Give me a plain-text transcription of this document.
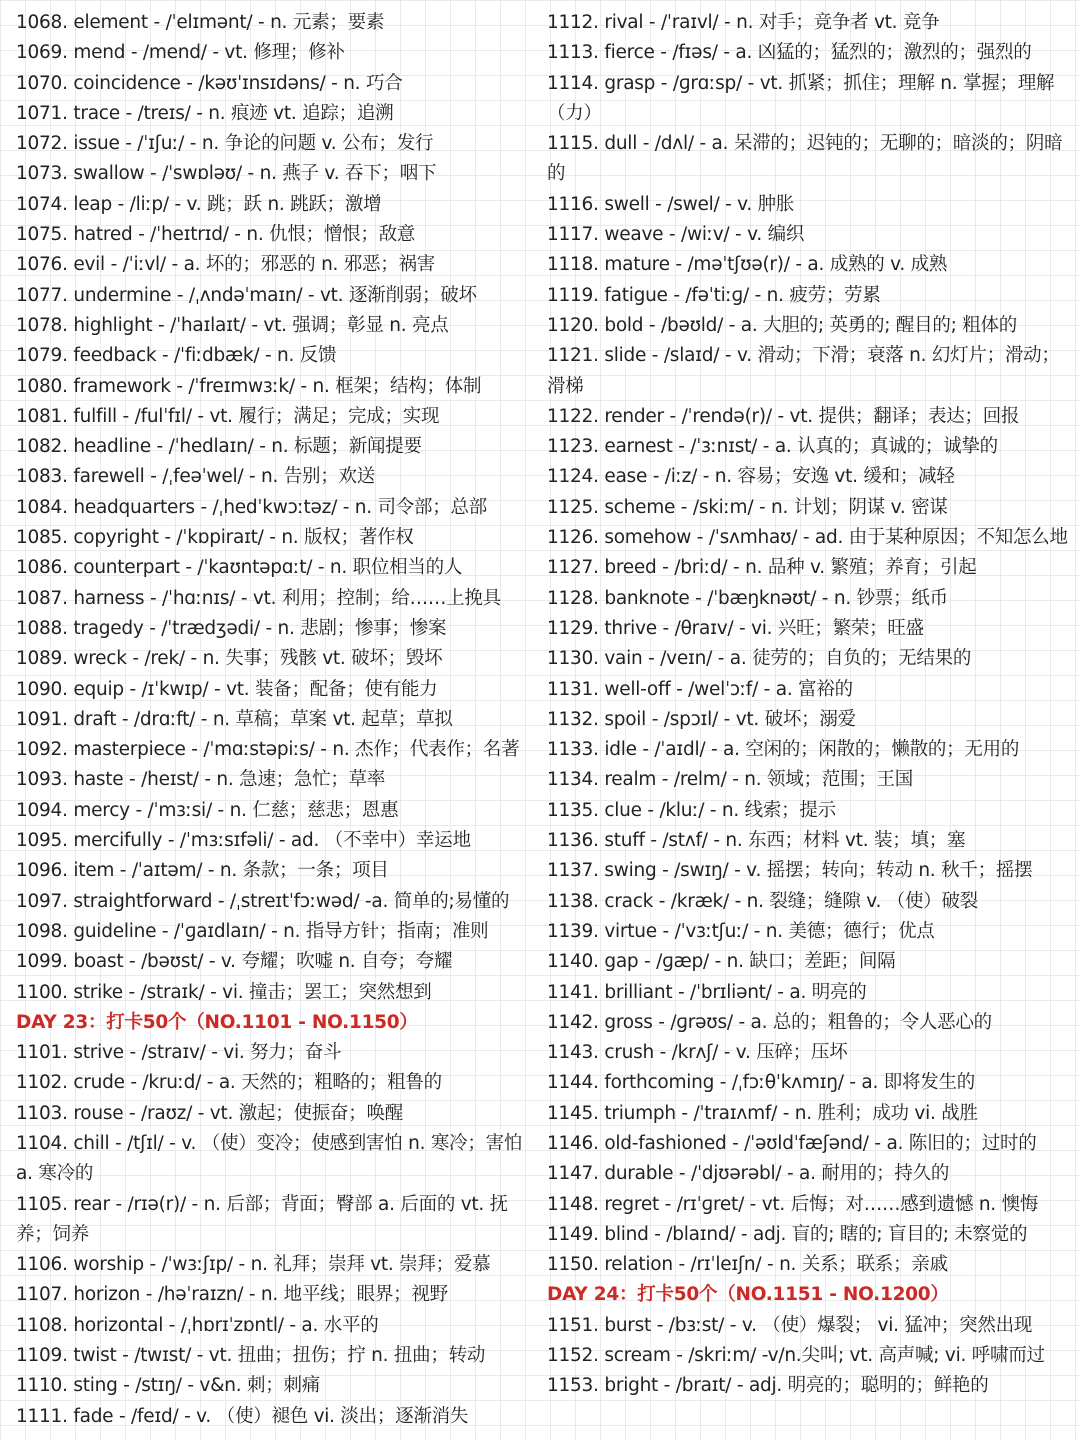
1068. element - /ˈelɪmənt/ - n. 元素；要素
1069. mend - /mend/ - vt. 修理；修补
1070. coincidence - /kəʊˈɪnsɪdəns/ - n. 巧合
1071. trace - /treɪs/ - n. 痕迹 vt. 追踪；追溯
1072. issue - /ˈɪʃuː/ - n. 争论的问题 v. 公布；发行
1073. swallow - /ˈswɒləʊ/ - n. 燕子 v. 吞下；咽下
1074. leap - /liːp/ - v. 跳；跃 n. 跳跃；激增
1075. hatred - /ˈheɪtrɪd/ - n. 仇恨；憎恨；敌意
1076. evil - /ˈiːvl/ - a. 坏的；邪恶的 n. 邪恶；祸害
1077. undermine - /ˌʌndəˈmaɪn/ - vt. 逐渐削弱；破坏
1078. highlight - /ˈhaɪlaɪt/ - vt. 强调；彰显 n. 亮点
1079. feedback - /ˈfiːdbæk/ - n. 反馈
1080. framework - /ˈfreɪmwɜːk/ - n. 框架；结构；体制
1081. fulfill - /fulˈfɪl/ - vt. 履行；满足；完成；实现
1082. headline - /ˈhedlaɪn/ - n. 标题；新闻提要
1083. farewell - /ˌfeəˈwel/ - n. 告别；欢送
1084. headquarters - /ˌhedˈkwɔːtəz/ - n. 司令部；总部
1085. copyright - /ˈkɒpiraɪt/ - n. 版权；著作权
1086. counterpart - /ˈkaʊntəpɑːt/ - n. 职位相当的人
1087. harness - /ˈhɑːnɪs/ - vt. 利用；控制；给……上挽具
1088. tragedy - /ˈtrædʒədi/ - n. 悲剧；惨事；惨案
1089. wreck - /rek/ - n. 失事；残骸 vt. 破坏；毁坏
1090. equip - /ɪˈkwɪp/ - vt. 装备；配备；使有能力
1091. draft - /drɑːft/ - n. 草稿；草案 vt. 起草；草拟
1092. masterpiece - /ˈmɑːstəpiːs/ - n. 杰作；代表作；名著
1093. haste - /heɪst/ - n. 急速；急忙；草率
1094. mercy - /ˈmɜːsi/ - n. 仁慈；慈悲；恩惠
1095. mercifully - /ˈmɜːsɪfəli/ - ad. （不幸中）幸运地
1096. item - /ˈaɪtəm/ - n. 条款；一条；项目
1097. straightforward - /ˌstreɪtˈfɔːwəd/ -a. 简单的;易懂的
1098. guideline - /ˈɡaɪdlaɪn/ - n. 指导方针；指南；准则
1099. boast - /bəʊst/ - v. 夸耀；吹嘘 n. 自夸；夸耀
1100. strike - /straɪk/ - vi. 撞击；罢工；突然想到
DAY 23：打卡50个（NO.1101 - NO.1150）
1101. strive - /straɪv/ - vi. 努力；奋斗
1102. crude - /kruːd/ - a. 天然的；粗略的；粗鲁的
1103. rouse - /raʊz/ - vt. 激起；使振奋；唤醒
1104. chill - /tʃɪl/ - v. （使）变冷；使感到害怕 n. 寒冷；害怕 a. 寒冷的
1105. rear - /rɪə(r)/ - n. 后部；背面；臀部 a. 后面的 vt. 抚养；饲养
1106. worship - /ˈwɜːʃɪp/ - n. 礼拜；崇拜 vt. 崇拜；爱慕
1107. horizon - /həˈraɪzn/ - n. 地平线；眼界；视野
1108. horizontal - /ˌhɒrɪˈzɒntl/ - a. 水平的
1109. twist - /twɪst/ - vt. 扭曲；扭伤；拧 n. 扭曲；转动
1110. sting - /stɪŋ/ - v&n. 刺；刺痛
1111. fade - /feɪd/ - v. （使）褪色 vi. 淡出；逐渐消失
1112. rival - /ˈraɪvl/ - n. 对手；竞争者 vt. 竞争
1113. fierce - /fɪəs/ - a. 凶猛的；猛烈的；激烈的；强烈的
1114. grasp - /ɡrɑːsp/ - vt. 抓紧；抓住；理解 n. 掌握；理解（力）
1115. dull - /dʌl/ - a. 呆滞的；迟钝的；无聊的；暗淡的；阴暗的
1116. swell - /swel/ - v. 肿胀
1117. weave - /wiːv/ - v. 编织
1118. mature - /məˈtʃʊə(r)/ - a. 成熟的 v. 成熟
1119. fatigue - /fəˈtiːɡ/ - n. 疲劳；劳累
1120. bold - /bəʊld/ - a. 大胆的; 英勇的; 醒目的; 粗体的
1121. slide - /slaɪd/ - v. 滑动；下滑；衰落 n. 幻灯片；滑动；滑梯
1122. render - /ˈrendə(r)/ - vt. 提供；翻译；表达；回报
1123. earnest - /ˈɜːnɪst/ - a. 认真的；真诚的；诚挚的
1124. ease - /iːz/ - n. 容易；安逸 vt. 缓和；减轻
1125. scheme - /skiːm/ - n. 计划；阴谋 v. 密谋
1126. somehow - /ˈsʌmhaʊ/ - ad. 由于某种原因；不知怎么地
1127. breed - /briːd/ - n. 品种 v. 繁殖；养育；引起
1128. banknote - /ˈbæŋknəʊt/ - n. 钞票；纸币
1129. thrive - /θraɪv/ - vi. 兴旺；繁荣；旺盛
1130. vain - /veɪn/ - a. 徒劳的；自负的；无结果的
1131. well-off - /welˈɔːf/ - a. 富裕的
1132. spoil - /spɔɪl/ - vt. 破坏；溺爱
1133. idle - /ˈaɪdl/ - a. 空闲的；闲散的；懒散的；无用的
1134. realm - /relm/ - n. 领域；范围；王国
1135. clue - /kluː/ - n. 线索；提示
1136. stuff - /stʌf/ - n. 东西；材料 vt. 装；填；塞
1137. swing - /swɪŋ/ - v. 摇摆；转向；转动 n. 秋千；摇摆
1138. crack - /kræk/ - n. 裂缝；缝隙 v. （使）破裂
1139. virtue - /ˈvɜːtʃuː/ - n. 美德；德行；优点
1140. gap - /ɡæp/ - n. 缺口；差距；间隔
1141. brilliant - /ˈbrɪliənt/ - a. 明亮的
1142. gross - /ɡrəʊs/ - a. 总的；粗鲁的；令人恶心的
1143. crush - /krʌʃ/ - v. 压碎；压坏
1144. forthcoming - /ˌfɔːθˈkʌmɪŋ/ - a. 即将发生的
1145. triumph - /ˈtraɪʌmf/ - n. 胜利；成功 vi. 战胜
1146. old-fashioned - /ˈəʊldˈfæʃənd/ - a. 陈旧的；过时的
1147. durable - /ˈdjʊərəbl/ - a. 耐用的；持久的
1148. regret - /rɪˈɡret/ - vt. 后悔；对……感到遗憾 n. 懊悔
1149. blind - /blaɪnd/ - adj. 盲的; 瞎的; 盲目的; 未察觉的
1150. relation - /rɪˈleɪʃn/ - n. 关系；联系；亲戚
DAY 24：打卡50个（NO.1151 - NO.1200）
1151. burst - /bɜːst/ - v. （使）爆裂； vi. 猛冲；突然出现
1152. scream - /skriːm/ -v/n.尖叫; vt. 高声喊; vi. 呼啸而过
1153. bright - /braɪt/ - adj. 明亮的；聪明的；鲜艳的
